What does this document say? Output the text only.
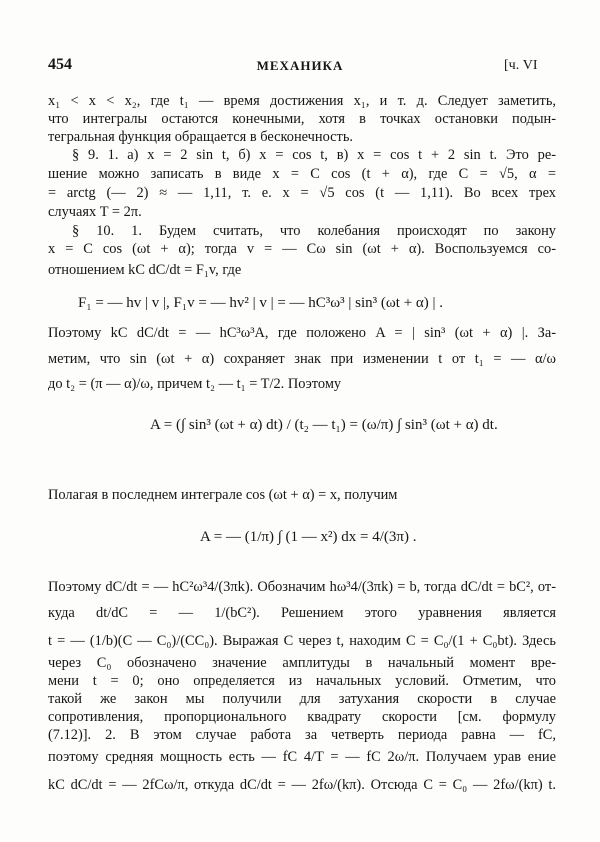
454	МЕХАНИКА	[ч. VI
x₁ < x < x₂, где t₁ — время достижения x₁, и т. д. Следует заметить,
что интегралы остаются конечными, хотя в точках остановки подын-
тегральная функция обращается в бесконечность.
§ 9. 1. a) x = 2 sin t, б) x = cos t, в) x = cos t + 2 sin t. Это ре-
шение можно записать в виде x = C cos (t + α), где C = √5, α =
= arctg (— 2) ≈ — 1,11, т. е. x = √5 cos (t — 1,11). Во всех трех
случаях T = 2π.
§ 10. 1. Будем считать, что колебания происходят по закону
x = C cos (ωt + α); тогда v = — Cω sin (ωt + α). Воспользуемся со-
отношением kC dC/dt = F₁v, где
F₁ = — hv | v |, F₁v = — hv² | v | = — hC³ω³ | sin³ (ωt + α) | .
Поэтому kC dC/dt = — hC³ω³A, где положено A = | sin³ (ωt + α) |. За-
метим, что sin (ωt + α) сохраняет знак при изменении t от t₁ = — α/ω
до t₂ = (π — α)/ω, причем t₂ — t₁ = T/2. Поэтому
A = (∫ sin³ (ωt + α) dt) / (t₂ — t₁) = (ω/π) ∫ sin³ (ωt + α) dt.
Полагая в последнем интеграле cos (ωt + α) = x, получим
A = — (1/π) ∫ (1 — x²) dx = 4/(3π) .
Поэтому dC/dt = — hC²ω³4/(3πk). Обозначим hω³4/(3πk) = b, тогда dC/dt = bC², от-
куда dt/dC = — 1/(bC²). Решением этого уравнения является
t = — (1/b)(C — C₀)/(CC₀). Выражая C через t, находим C = C₀/(1 + C₀bt). Здесь
через C₀ обозначено значение амплитуды в начальный момент вре-
мени t = 0; оно определяется из начальных условий. Отметим, что
такой же закон мы получили для затухания скорости в случае
сопротивления, пропорционального квадрату скорости [см. формулу
(7.12)]. 2. В этом случае работа за четверть периода равна — fC,
поэтому средняя мощность есть — fC 4/T = — fC 2ω/π. Получаем урав ение
kC dC/dt = — 2fCω/π, откуда dC/dt = — 2fω/(kπ). Отсюда C = C₀ — 2fω/(kπ) t.
